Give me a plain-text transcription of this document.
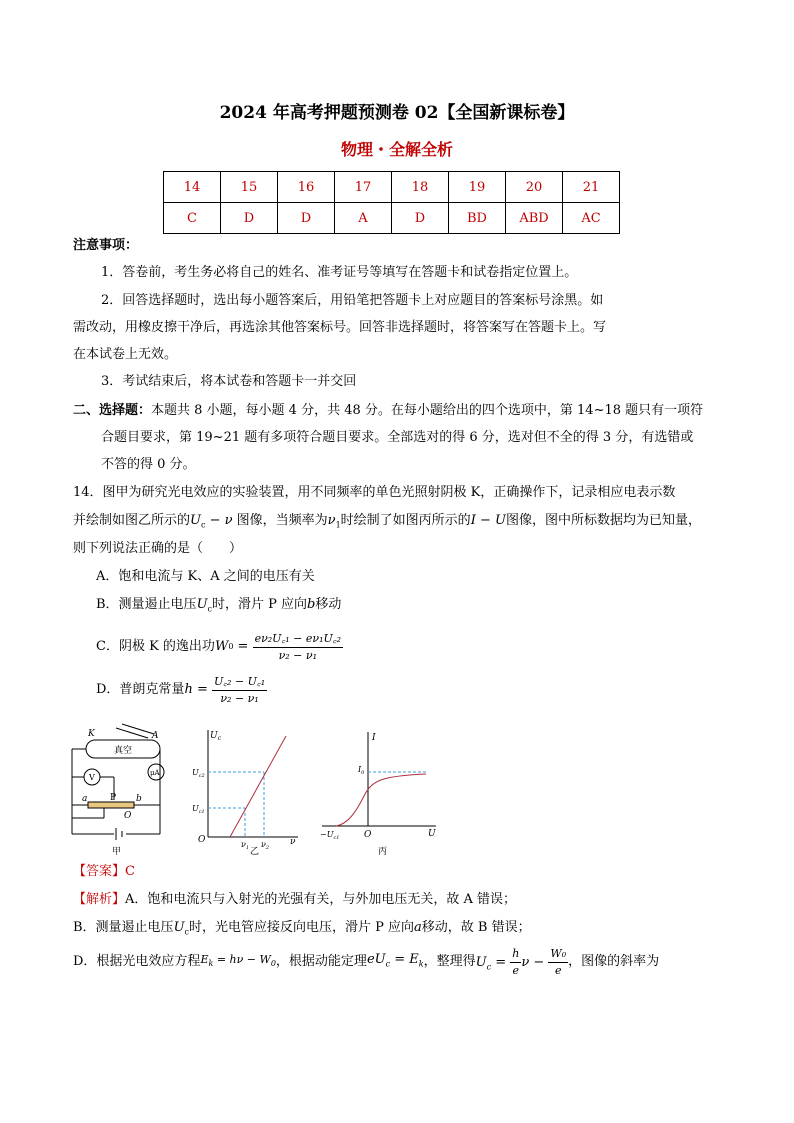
2024 年高考押题预测卷 02【全国新课标卷】
物理・全解全析
14	15	16	17	18	19	20	21
C	D	D	A	D	BD	ABD	AC
注意事项：
1．答卷前，考生务必将自己的姓名、准考证号等填写在答题卡和试卷指定位置上。
2．回答选择题时，选出每小题答案后，用铅笔把答题卡上对应题目的答案标号涂黑。如
需改动，用橡皮擦干净后，再选涂其他答案标号。回答非选择题时，将答案写在答题卡上。写
在本试卷上无效。
3．考试结束后，将本试卷和答题卡一并交回
二、选择题：本题共 8 小题，每小题 4 分，共 48 分。在每小题给出的四个选项中，第 14~18 题只有一项符
合题目要求，第 19~21 题有多项符合题目要求。全部选对的得 6 分，选对但不全的得 3 分，有选错或
不答的得 0 分。
14．图甲为研究光电效应的实验装置，用不同频率的单色光照射阴极 K，正确操作下，记录相应电表示数
并绘制如图乙所示的$U_c - \nu$ 图像，当频率为$\nu_1$时绘制了如图丙所示的I − U图像，图中所标数据均为已知量，
则下列说法正确的是（　　）
A．饱和电流与 K、A 之间的电压有关
B．测量遏止电压$U_c$时，滑片 P 应向b移动
C．阴极 K 的逸出功 W $0 = \frac{\text{eν₂U꜀₁ − eν₁U꜀₂}}{\text{ν₂ − ν₁}}$
D．普朗克常量 $h = \frac{\text{U꜀₂ − U꜀₁}}{\text{ν₂ − ν₁}}$
K	A
真空
V	μA
a	P b
O
甲
$U_c$
$U_{c2}$
$U_{c1}$
O	$\nu_1$ $\nu_2$
ν
乙
I
$I_0$
$-U_{c1}$	O	U
丙
【答案】C
【解析】A．饱和电流只与入射光的光强有关，与外加电压无关，故 A 错误；
B．测量遏止电压$U_c$时，光电管应接反向电压，滑片 P 应向a移动，故 B 错误；
D．根据光电效应方程 $E_k = h\nu - W_0$ ，根据动能定理 $eU_c = E_k$ ，整理得 $U_c = \frac{h}{e}$ $\nu - \frac{\text{W₀}}{e}$ ，图像的斜率为
